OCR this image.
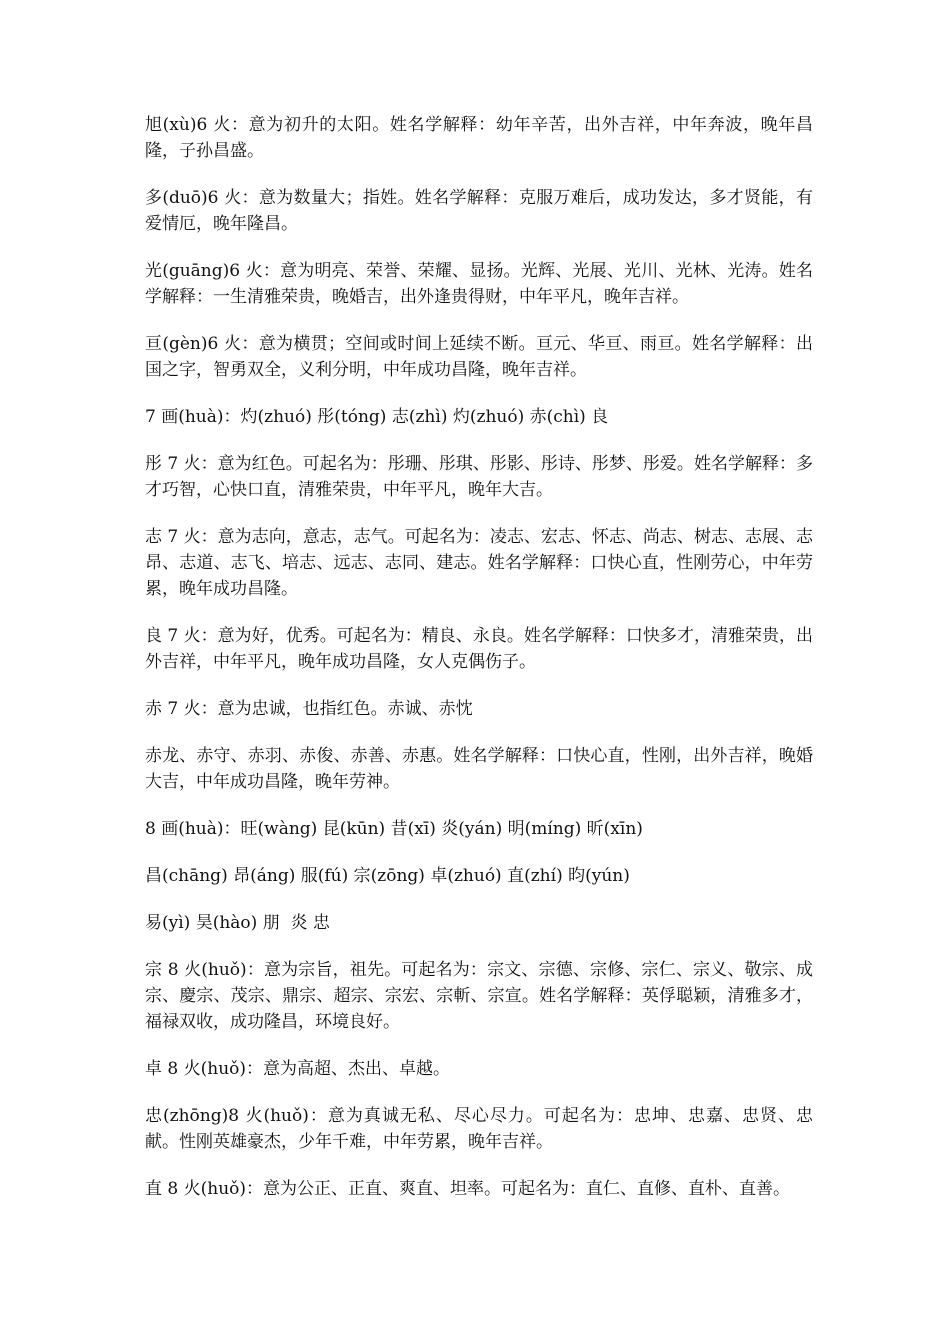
旭(xù)6 火：意为初升的太阳。姓名学解释：幼年辛苦，出外吉祥，中年奔波，晚年昌隆，子孙昌盛。

多(duō)6 火：意为数量大；指姓。姓名学解释：克服万难后，成功发达，多才贤能，有爱情厄，晚年隆昌。

光(guāng)6 火：意为明亮、荣誉、荣耀、显扬。光辉、光展、光川、光林、光涛。姓名学解释：一生清雅荣贵，晚婚吉，出外逢贵得财，中年平凡，晚年吉祥。

亘(gèn)6 火：意为横贯；空间或时间上延续不断。亘元、华亘、雨亘。姓名学解释：出国之字，智勇双全，义利分明，中年成功昌隆，晚年吉祥。

7 画(huà)：灼(zhuó) 彤(tóng) 志(zhì) 灼(zhuó) 赤(chì) 良

彤 7 火：意为红色。可起名为：彤珊、彤琪、彤影、彤诗、彤梦、彤爱。姓名学解释：多才巧智，心快口直，清雅荣贵，中年平凡，晚年大吉。

志 7 火：意为志向，意志，志气。可起名为：凌志、宏志、怀志、尚志、树志、志展、志昂、志道、志飞、培志、远志、志同、建志。姓名学解释：口快心直，性刚劳心，中年劳累，晚年成功昌隆。

良 7 火：意为好，优秀。可起名为：精良、永良。姓名学解释：口快多才，清雅荣贵，出外吉祥，中年平凡，晚年成功昌隆，女人克偶伤子。

赤 7 火：意为忠诚，也指红色。赤诚、赤忱

赤龙、赤守、赤羽、赤俊、赤善、赤惠。姓名学解释：口快心直，性刚，出外吉祥，晚婚大吉，中年成功昌隆，晚年劳神。

8 画(huà)：旺(wàng) 昆(kūn) 昔(xī) 炎(yán) 明(míng) 昕(xīn)

昌(chāng) 昂(áng) 服(fú) 宗(zōng) 卓(zhuó) 直(zhí) 昀(yún)

易(yì) 昊(hào) 朋  炎 忠

宗 8 火(huǒ)：意为宗旨，祖先。可起名为：宗文、宗德、宗修、宗仁、宗义、敬宗、成宗、慶宗、茂宗、鼎宗、超宗、宗宏、宗斬、宗宣。姓名学解释：英俘聪颖，清雅多才，福禄双收，成功隆昌，环境良好。

卓 8 火(huǒ)：意为高超、杰出、卓越。

忠(zhōng)8 火(huǒ)：意为真诚无私、尽心尽力。可起名为：忠坤、忠嘉、忠贤、忠献。性刚英雄豪杰，少年千难，中年劳累，晚年吉祥。

直 8 火(huǒ)：意为公正、正直、爽直、坦率。可起名为：直仁、直修、直朴、直善。
